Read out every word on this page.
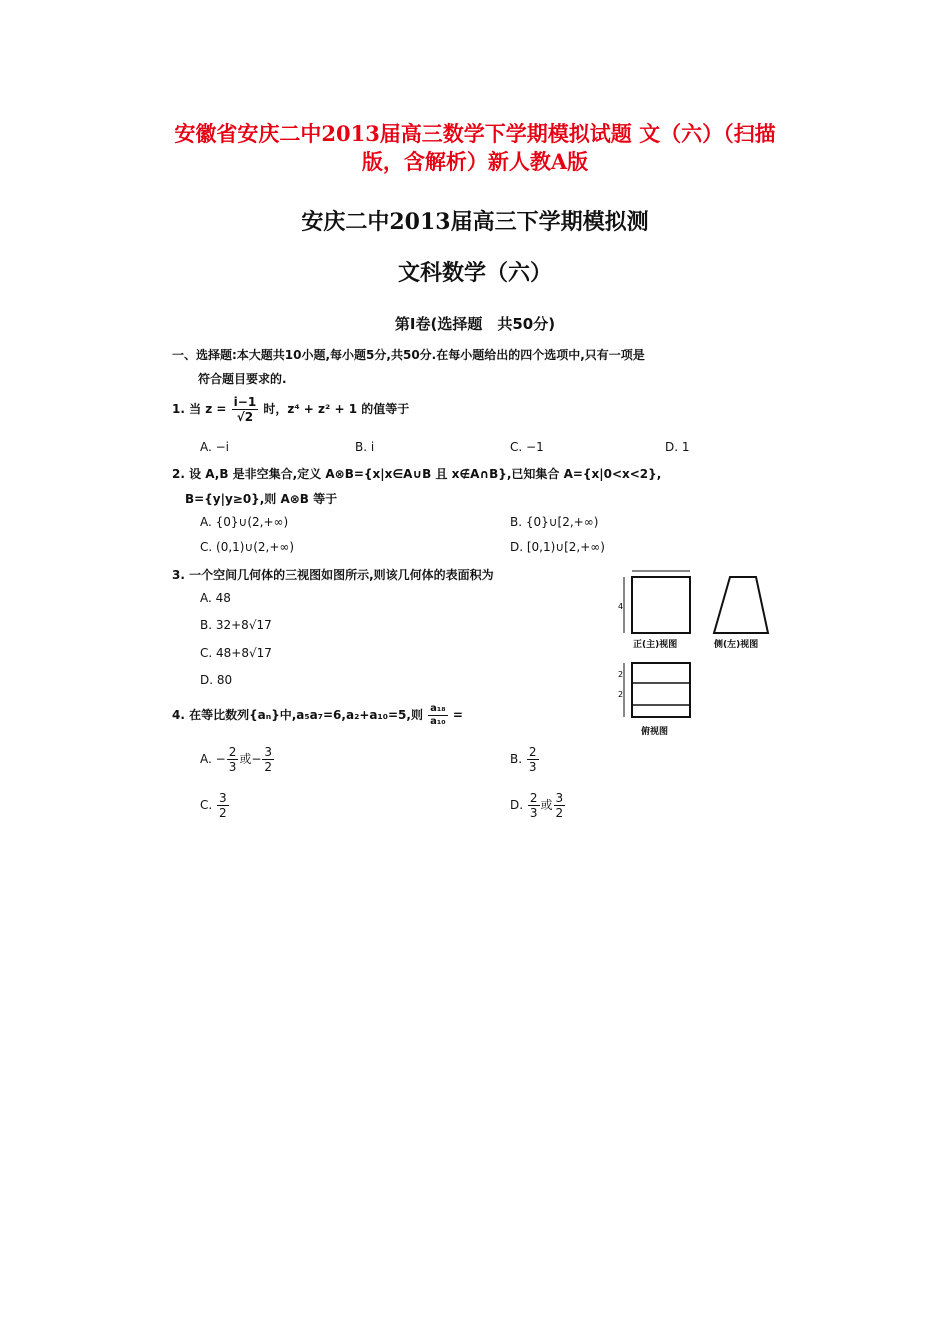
安徽省安庆二中2013届高三数学下学期模拟试题 文（六）（扫描
版，含解析）新人教A版
安庆二中2013届高三下学期模拟测
文科数学（六）
第Ⅰ卷(选择题　共50分)
一、选择题:本大题共10小题,每小题5分,共50分.在每小题给出的四个选项中,只有一项是
符合题目要求的.
1. 当 $z = \frac{i-1}{√2}$ 时，z⁴ + z² + 1 的值等于
A. −i	B. i	C. −1	D. 1
2. 设 A,B 是非空集合,定义 A⊗B={x|x∈A∪B 且 x∉A∩B},已知集合 A={x|0<x<2},
B={y|y≥0},则 A⊗B 等于
A. {0}∪(2,+∞)	B. {0}∪[2,+∞)
C. (0,1)∪(2,+∞)	D. [0,1)∪[2,+∞)
3. 一个空间几何体的三视图如图所示,则该几何体的表面积为
A. 48
B. 32+8√17
C. 48+8√17
D. 80
4
2
2
正(主)视图	侧(左)视图
俯视图
4. 在等比数列{aₙ}中,a₅a₇=6,a₂+a₁₀=5,则 $\frac{\text{a₁₈}}{\text{a₁₀}}$ =
A. − $\frac{2}{3}$ 或− $\frac{3}{2}$	B. $\frac{2}{3}$
C. $\frac{3}{2}$	D. $\frac{2}{3}$ 或 $\frac{3}{2}$
